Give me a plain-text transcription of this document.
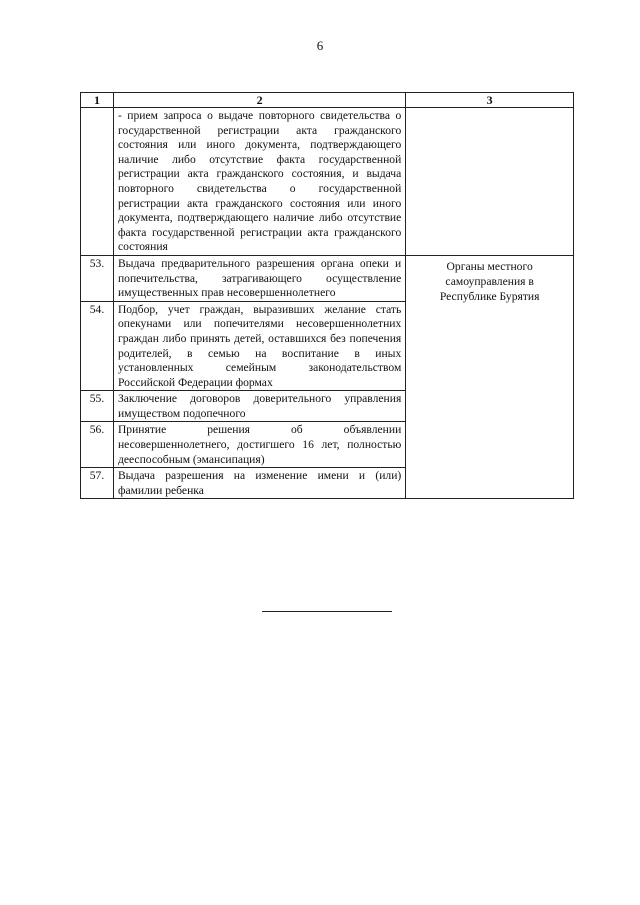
6
1	2	3
	- прием запроса о выдаче повторного свидетельства о государственной регистрации акта гражданского состояния или иного документа, подтверждающего наличие либо отсутствие факта государственной регистрации акта гражданского состояния, и выдача повторного свидетельства о государственной регистрации акта гражданского состояния или иного документа, подтверждающего наличие либо отсутствие факта государственной регистрации акта гражданского состояния	
53.	Выдача предварительного разрешения органа опеки и попечительства, затрагивающего осуществление имущественных прав несовершеннолетнего	Органы местного
самоуправления в
Республике Бурятия

54.	Подбор, учет граждан, выразивших желание стать опекунами или попечителями несовершеннолетних граждан либо принять детей, оставшихся без попечения родителей, в семью на воспитание в иных установленных семейным законодательством Российской Федерации формах	
55.	Заключение договоров доверительного управления имуществом подопечного	
56.	Принятие решения об объявлении несовершеннолетнего, достигшего 16 лет, полностью дееспособным (эмансипация)	
57.	Выдача разрешения на изменение имени и (или) фамилии ребенка	
